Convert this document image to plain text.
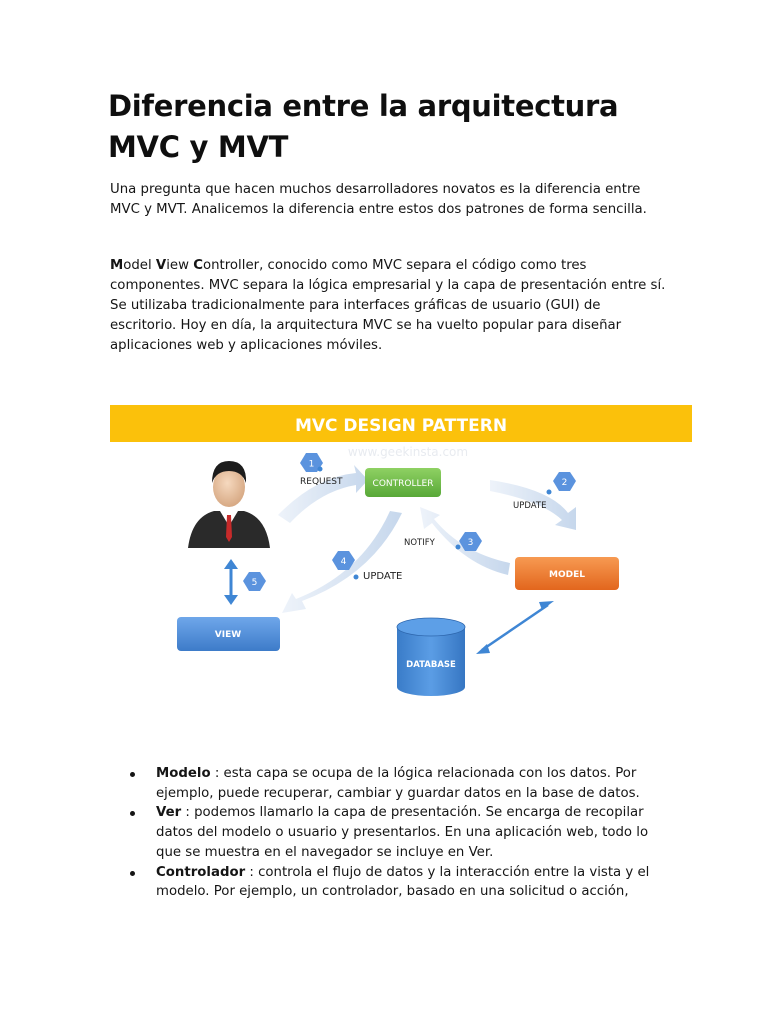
Diferencia entre la arquitectura MVC y MVT

Una pregunta que hacen muchos desarrolladores novatos es la diferencia entre MVC y MVT. Analicemos la diferencia entre estos dos patrones de forma sencilla.

Model View Controller, conocido como MVC separa el código como tres componentes. MVC separa la lógica empresarial y la capa de presentación entre sí. Se utilizaba tradicionalmente para interfaces gráficas de usuario (GUI) de escritorio. Hoy en día, la arquitectura MVC se ha vuelto popular para diseñar aplicaciones web y aplicaciones móviles.

MVC DESIGN PATTERN
www.geekinsta.com
CONTROLLER
MODEL
VIEW
DATABASE
1
REQUEST	2
UPDATE
3
NOTIFY
4
UPDATE
5
Modelo : esta capa se ocupa de la lógica relacionada con los datos. Por ejemplo, puede recuperar, cambiar y guardar datos en la base de datos.
Ver : podemos llamarlo la capa de presentación. Se encarga de recopilar datos del modelo o usuario y presentarlos. En una aplicación web, todo lo que se muestra en el navegador se incluye en Ver.
Controlador : controla el flujo de datos y la interacción entre la vista y el modelo. Por ejemplo, un controlador, basado en una solicitud o acción,
